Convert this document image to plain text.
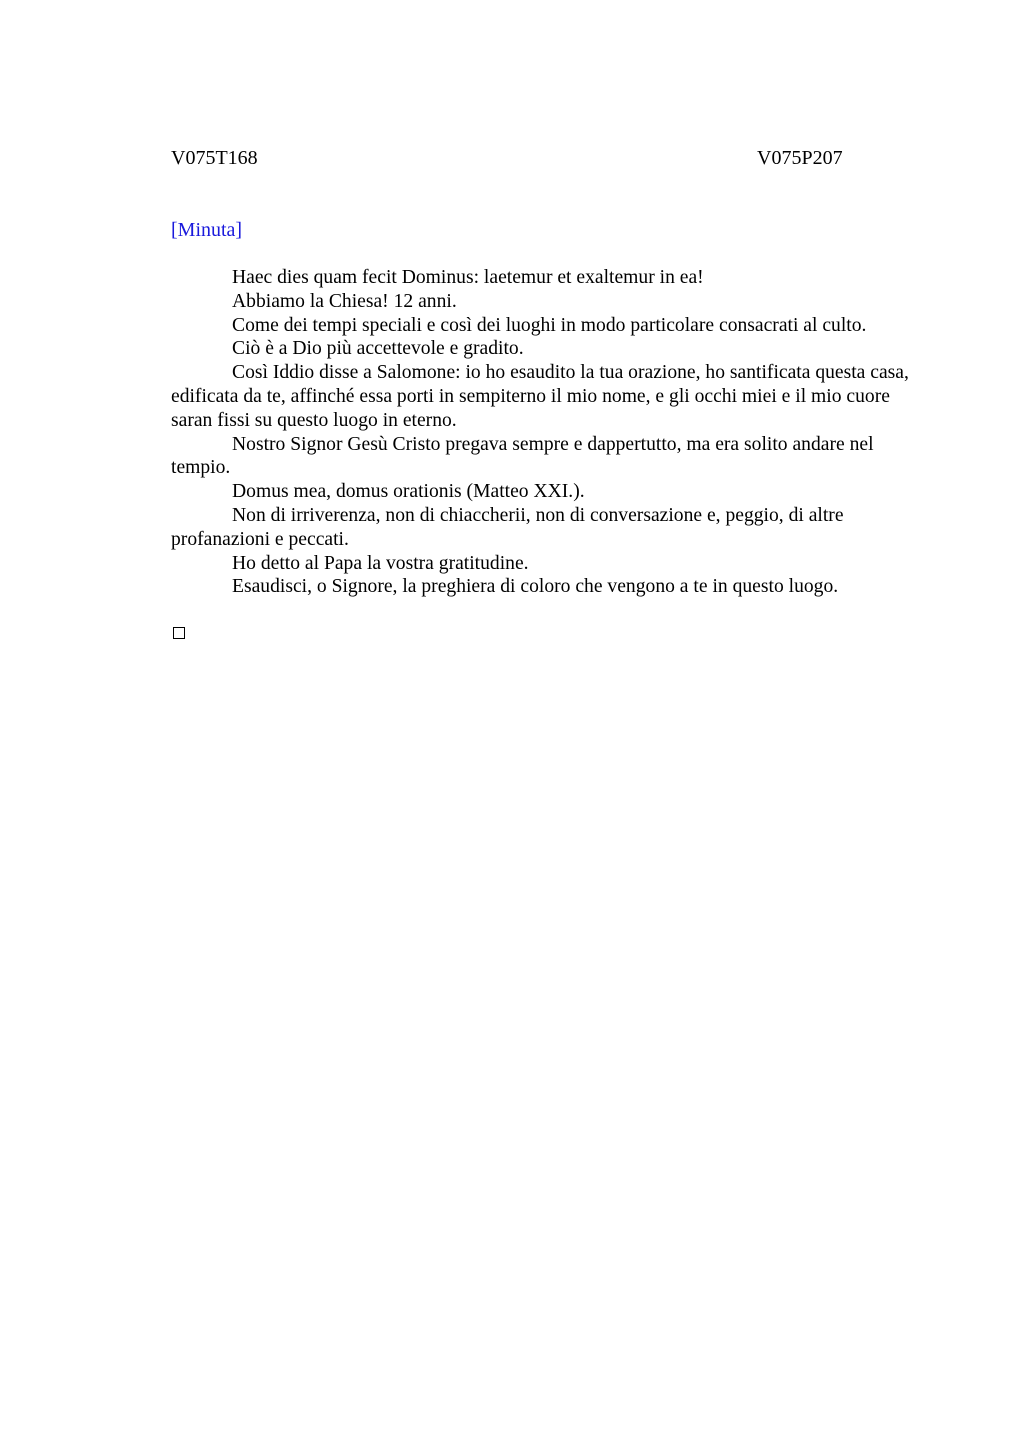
V075T168	V075P207
[Minuta]

Haec dies quam fecit Dominus: laetemur et exaltemur in ea!

Abbiamo la Chiesa! 12 anni.

Come dei tempi speciali e così dei luoghi in modo particolare consacrati al culto.

Ciò è a Dio più accettevole e gradito.

Così Iddio disse a Salomone: io ho esaudito la tua orazione, ho santificata questa casa, edificata da te, affinché essa porti in sempiterno il mio nome, e gli occhi miei e il mio cuore saran fissi su questo luogo in eterno.

Nostro Signor Gesù Cristo pregava sempre e dappertutto, ma era solito andare nel tempio.

Domus mea, domus orationis (Matteo XXI.).

Non di irriverenza, non di chiaccherii, non di conversazione e, peggio, di altre profanazioni e peccati.

Ho detto al Papa la vostra gratitudine.

Esaudisci, o Signore, la preghiera di coloro che vengono a te in questo luogo.
